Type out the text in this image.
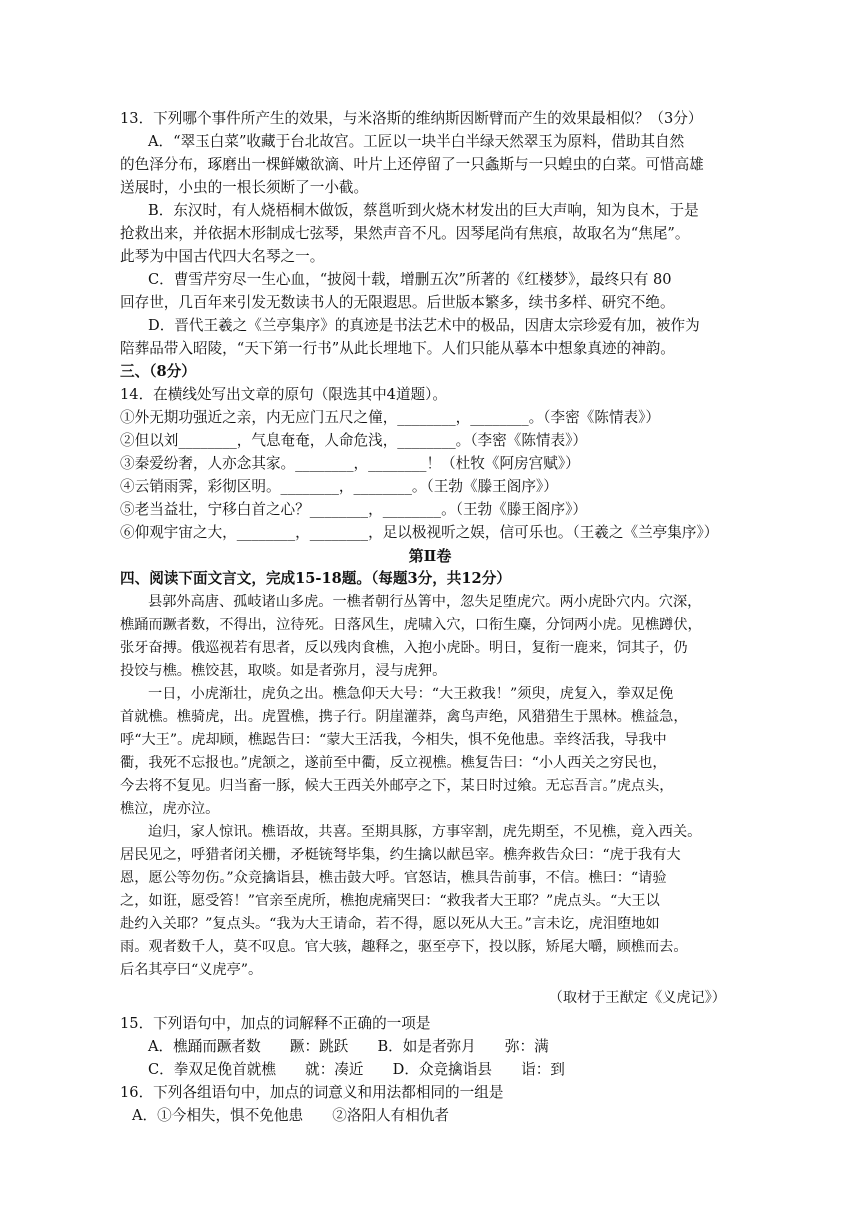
13．下列哪个事件所产生的效果，与米洛斯的维纳斯因断臂而产生的效果最相似？（3分）
A．“翠玉白菜”收藏于台北故宫。工匠以一块半白半绿天然翠玉为原料，借助其自然
的色泽分布，琢磨出一棵鲜嫩欲滴、叶片上还停留了一只螽斯与一只蝗虫的白菜。可惜高雄
送展时，小虫的一根长须断了一小截。
B．东汉时，有人烧梧桐木做饭，蔡邕听到火烧木材发出的巨大声响，知为良木，于是
抢救出来，并依据木形制成七弦琴，果然声音不凡。因琴尾尚有焦痕，故取名为“焦尾”。
此琴为中国古代四大名琴之一。
C．曹雪芹穷尽一生心血，“披阅十载，增删五次”所著的《红楼梦》，最终只有 80
回存世，几百年来引发无数读书人的无限遐思。后世版本繁多，续书多样、研究不绝。
D．晋代王羲之《兰亭集序》的真迹是书法艺术中的极品，因唐太宗珍爱有加，被作为
陪葬品带入昭陵，“天下第一行书”从此长埋地下。人们只能从摹本中想象真迹的神韵。
三、（8分）
14．在横线处写出文章的原句（限选其中4道题）。
①外无期功强近之亲，内无应门五尺之僮，________，________。（李密《陈情表》）
②但以刘________，气息奄奄，人命危浅，________。（李密《陈情表》）
③秦爱纷奢，人亦念其家。________，________！（杜牧《阿房宫赋》）
④云销雨霁，彩彻区明。________，________。（王勃《滕王阁序》）
⑤老当益壮，宁移白首之心？________，________。（王勃《滕王阁序》）
⑥仰观宇宙之大，________，________，足以极视听之娱，信可乐也。（王羲之《兰亭集序》）
第Ⅱ卷
四、阅读下面文言文，完成15-18题。（每题3分，共12分）
县郭外高唐、孤岐诸山多虎。一樵者朝行丛箐中，忽失足堕虎穴。两小虎卧穴内。穴深，
樵踊而蹶者数，不得出，泣待死。日落风生，虎啸入穴，口衔生麋，分饲两小虎。见樵蹲伏，
张牙奋搏。俄巡视若有思者，反以残肉食樵，入抱小虎卧。明日，复衔一鹿来，饲其子，仍
投饺与樵。樵饺甚，取啖。如是者弥月，浸与虎狎。
一日，小虎渐壮，虎负之出。樵急仰天大号：“大王救我！”须臾，虎复入，拳双足俛
首就樵。樵骑虎，出。虎置樵，携子行。阴崖灌莽，禽鸟声绝，风猎猎生于黑林。樵益急，
呼“大王”。虎却顾，樵跽告曰：“蒙大王活我，今相失，惧不免他患。幸终活我，导我中
衢，我死不忘报也。”虎颔之，遂前至中衢，反立视樵。樵复告曰：“小人西关之穷民也，
今去将不复见。归当畜一豚，候大王西关外邮亭之下，某日时过飨。无忘吾言。”虎点头，
樵泣，虎亦泣。
迨归，家人惊讯。樵语故，共喜。至期具豚，方事宰割，虎先期至，不见樵，竟入西关。
居民见之，呼猎者闭关栅，矛梃铳弩毕集，约生擒以献邑宰。樵奔救告众曰：“虎于我有大
恩，愿公等勿伤。”众竞擒诣县，樵击鼓大呼。官怒诘，樵具告前事，不信。樵曰：“请验
之，如诳，愿受笞！”官亲至虎所，樵抱虎痛哭曰：“救我者大王耶？”虎点头。“大王以
赴约入关耶？”复点头。“我为大王请命，若不得，愿以死从大王。”言未讫，虎泪堕地如
雨。观者数千人，莫不叹息。官大骇，趣释之，驱至亭下，投以豚，矫尾大嚼，顾樵而去。
后名其亭曰“义虎亭”。
（取材于王猷定《义虎记》）
15．下列语句中，加点的词解释不正确的一项是
A．樵踊而蹶者数　　蹶：跳跃　　B．如是者弥月　　弥：满
C．拳双足俛首就樵　　就：凑近　　D．众竞擒诣县　　诣：到
16．下列各组语句中，加点的词意义和用法都相同的一组是
A．①今相失，惧不免他患　　②洛阳人有相仇者
